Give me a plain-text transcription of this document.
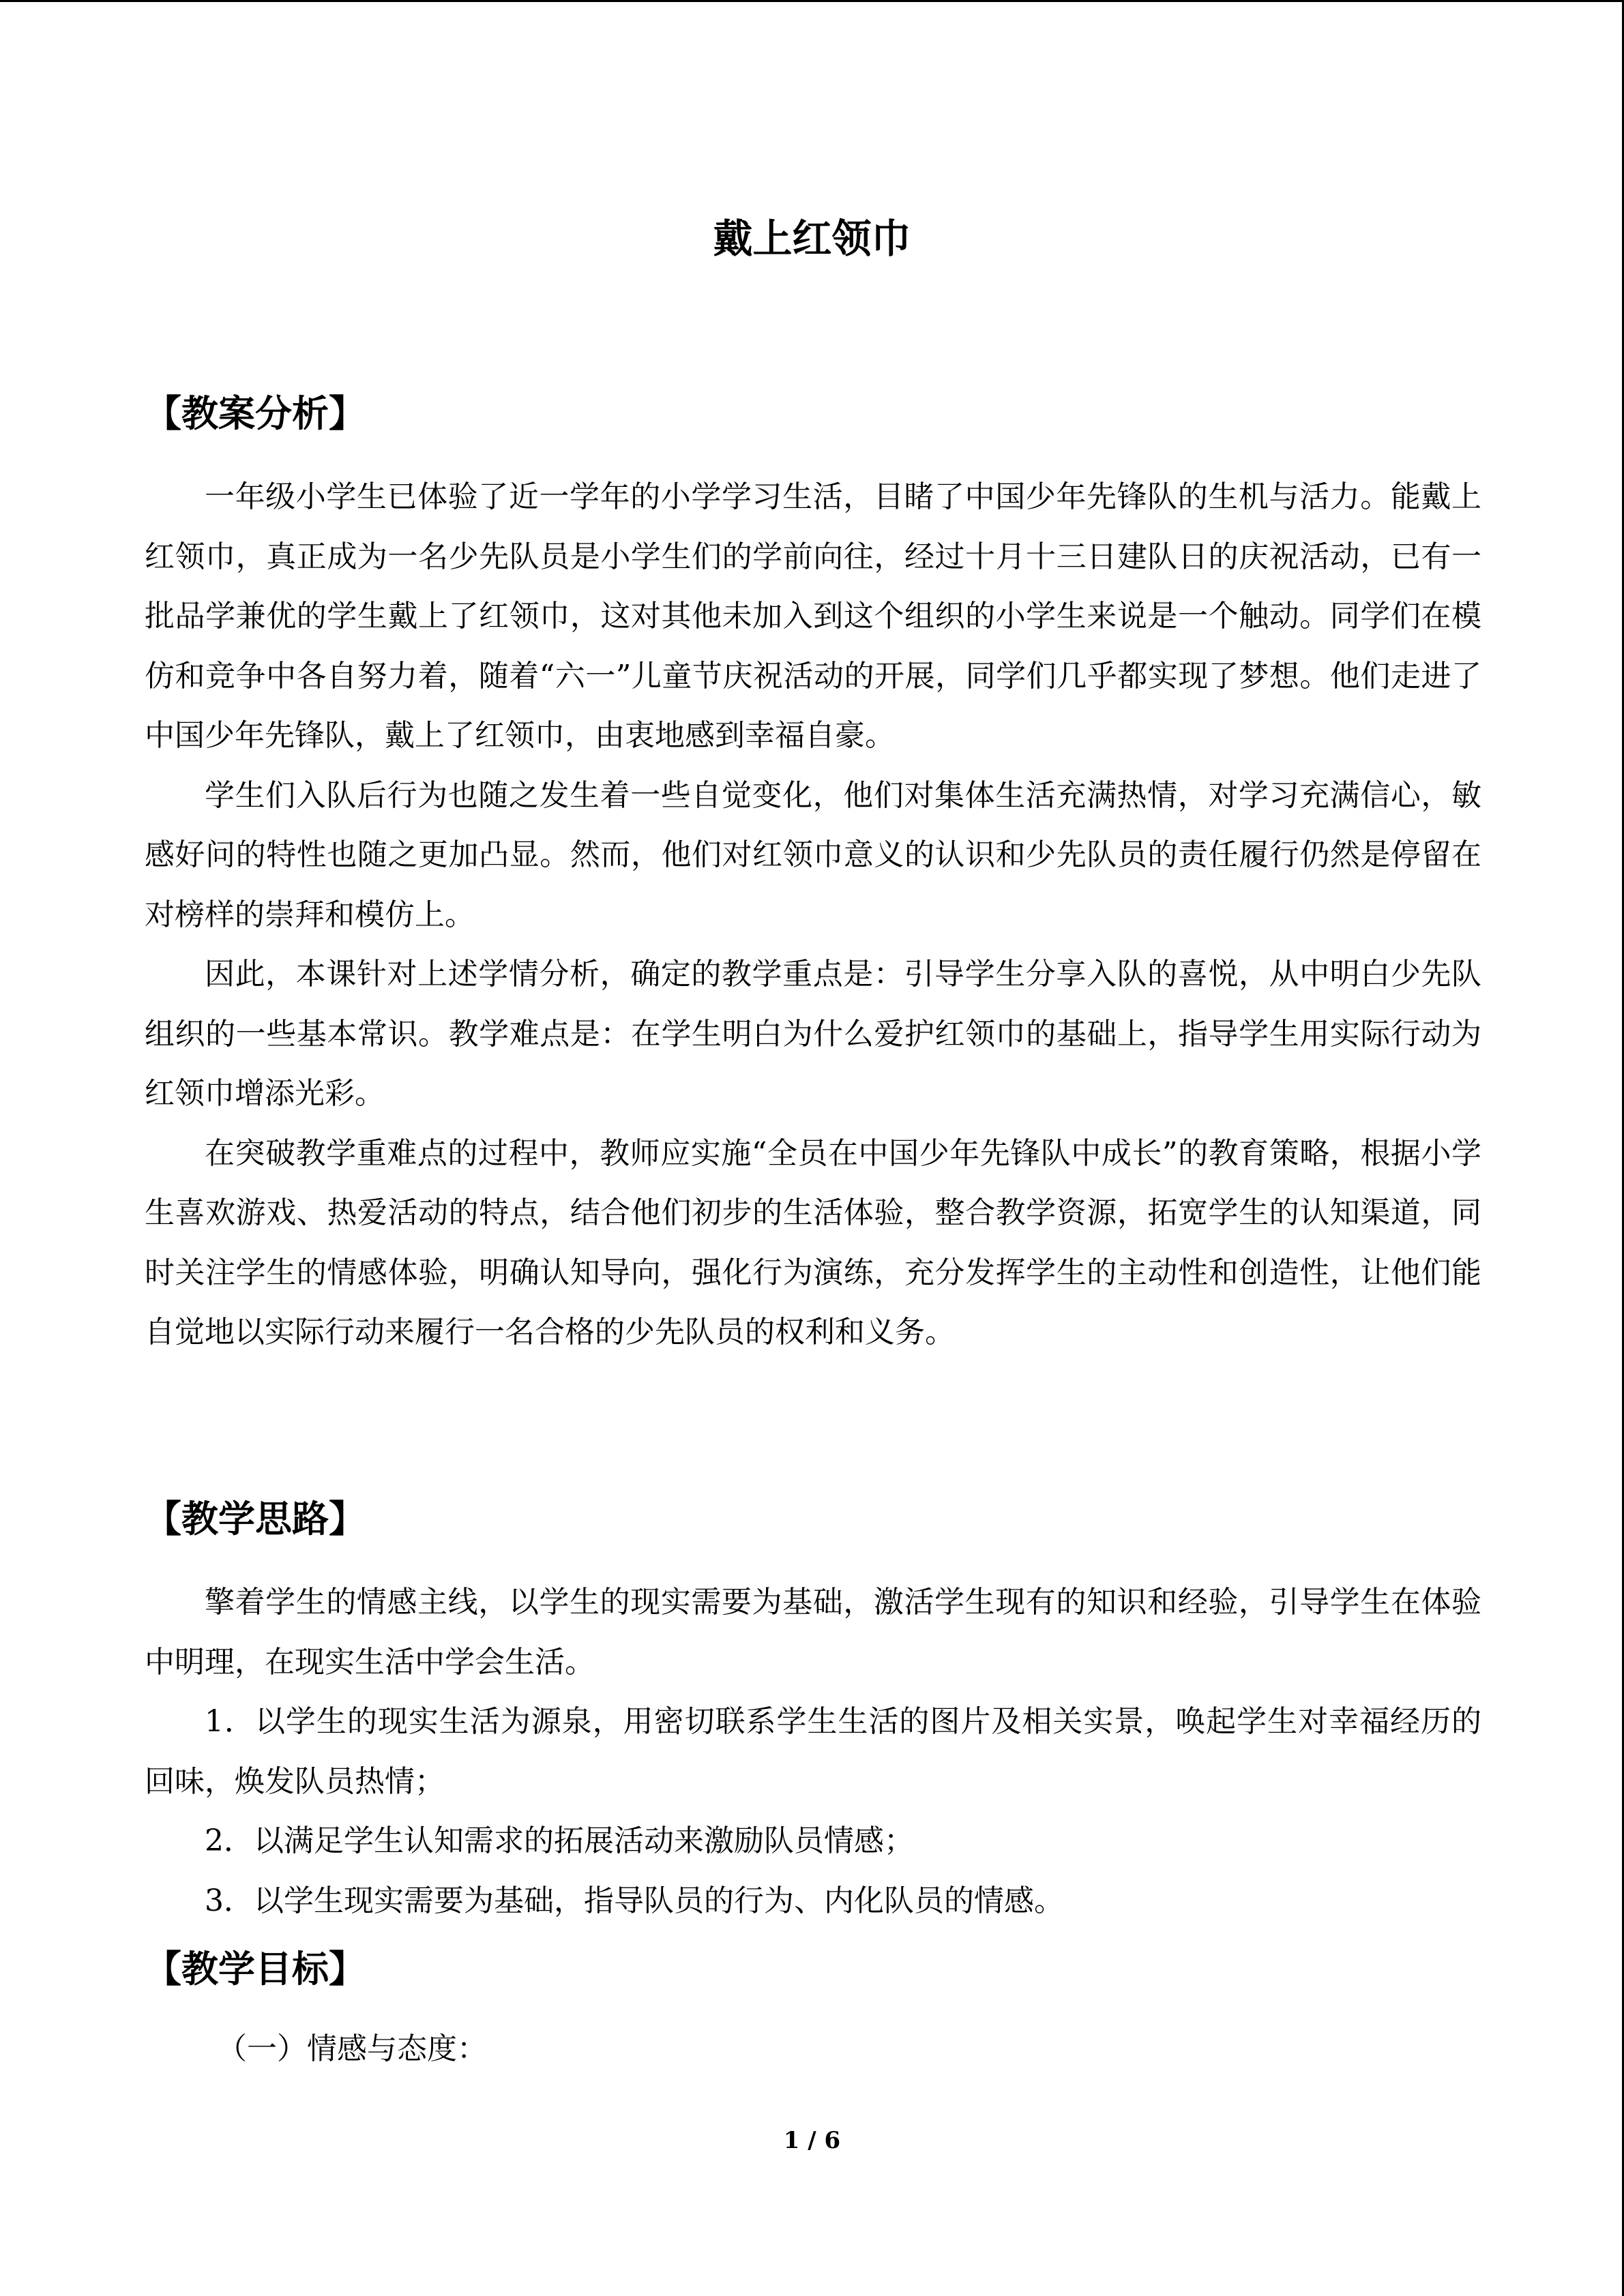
戴上红领巾
【教案分析】

一年级小学生已体验了近一学年的小学学习生活，目睹了中国少年先锋队的生机与活力。能戴上红领巾，真正成为一名少先队员是小学生们的学前向往，经过十月十三日建队日的庆祝活动，已有一批品学兼优的学生戴上了红领巾，这对其他未加入到这个组织的小学生来说是一个触动。同学们在模仿和竞争中各自努力着，随着“六一”儿童节庆祝活动的开展，同学们几乎都实现了梦想。他们走进了中国少年先锋队，戴上了红领巾，由衷地感到幸福自豪。

学生们入队后行为也随之发生着一些自觉变化，他们对集体生活充满热情，对学习充满信心，敏感好问的特性也随之更加凸显。然而，他们对红领巾意义的认识和少先队员的责任履行仍然是停留在对榜样的崇拜和模仿上。

因此，本课针对上述学情分析，确定的教学重点是：引导学生分享入队的喜悦，从中明白少先队组织的一些基本常识。教学难点是：在学生明白为什么爱护红领巾的基础上，指导学生用实际行动为红领巾增添光彩。

在突破教学重难点的过程中，教师应实施“全员在中国少年先锋队中成长”的教育策略，根据小学生喜欢游戏、热爱活动的特点，结合他们初步的生活体验，整合教学资源，拓宽学生的认知渠道，同时关注学生的情感体验，明确认知导向，强化行为演练，充分发挥学生的主动性和创造性，让他们能自觉地以实际行动来履行一名合格的少先队员的权利和义务。

【教学思路】

擎着学生的情感主线，以学生的现实需要为基础，激活学生现有的知识和经验，引导学生在体验中明理，在现实生活中学会生活。

1．以学生的现实生活为源泉，用密切联系学生生活的图片及相关实景，唤起学生对幸福经历的回味，焕发队员热情；

2．以满足学生认知需求的拓展活动来激励队员情感；

3．以学生现实需要为基础，指导队员的行为、内化队员的情感。

【教学目标】
（一）情感与态度：
1 / 6
